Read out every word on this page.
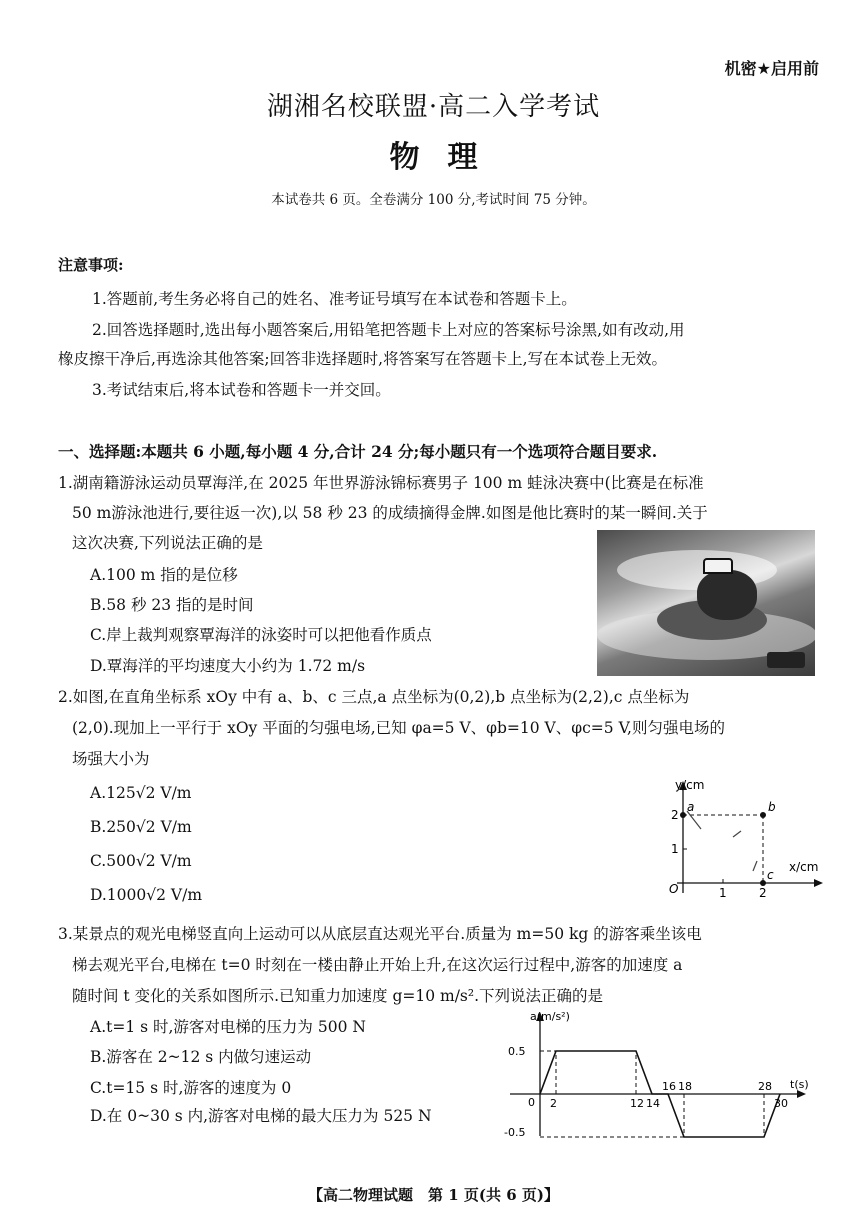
机密★启用前
湖湘名校联盟·高二入学考试
物理
本试卷共 6 页。全卷满分 100 分,考试时间 75 分钟。
注意事项:
1.答题前,考生务必将自己的姓名、准考证号填写在本试卷和答题卡上。
2.回答选择题时,选出每小题答案后,用铅笔把答题卡上对应的答案标号涂黑,如有改动,用
橡皮擦干净后,再选涂其他答案;回答非选择题时,将答案写在答题卡上,写在本试卷上无效。
3.考试结束后,将本试卷和答题卡一并交回。
一、选择题:本题共 6 小题,每小题 4 分,合计 24 分;每小题只有一个选项符合题目要求.
1.湖南籍游泳运动员覃海洋,在 2025 年世界游泳锦标赛男子 100 m 蛙泳决赛中(比赛是在标准
50 m游泳池进行,要往返一次),以 58 秒 23 的成绩摘得金牌.如图是他比赛时的某一瞬间.关于
这次决赛,下列说法正确的是
A.100 m 指的是位移
B.58 秒 23 指的是时间
C.岸上裁判观察覃海洋的泳姿时可以把他看作质点
D.覃海洋的平均速度大小约为 1.72 m/s
2.如图,在直角坐标系 xOy 中有 a、b、c 三点,a 点坐标为(0,2),b 点坐标为(2,2),c 点坐标为
(2,0).现加上一平行于 xOy 平面的匀强电场,已知 φa=5 V、φb=10 V、φc=5 V,则匀强电场的
场强大小为
A.125√2 V/m
B.250√2 V/m
C.500√2 V/m
D.1000√2 V/m
y/cm
x/cm
O	1	2
1
2
a	b
c
3.某景点的观光电梯竖直向上运动可以从底层直达观光平台.质量为 m=50 kg 的游客乘坐该电
梯去观光平台,电梯在 t=0 时刻在一楼由静止开始上升,在这次运行过程中,游客的加速度 a
随时间 t 变化的关系如图所示.已知重力加速度 g=10 m/s².下列说法正确的是
A.t=1 s 时,游客对电梯的压力为 500 N
B.游客在 2~12 s 内做匀速运动
C.t=15 s 时,游客的速度为 0
D.在 0~30 s 内,游客对电梯的最大压力为 525 N
a(m/s²)
t(s)
0
0.5
-0.5
2	12 14
16 18	28
30
【高二物理试题　第 1 页(共 6 页)】
